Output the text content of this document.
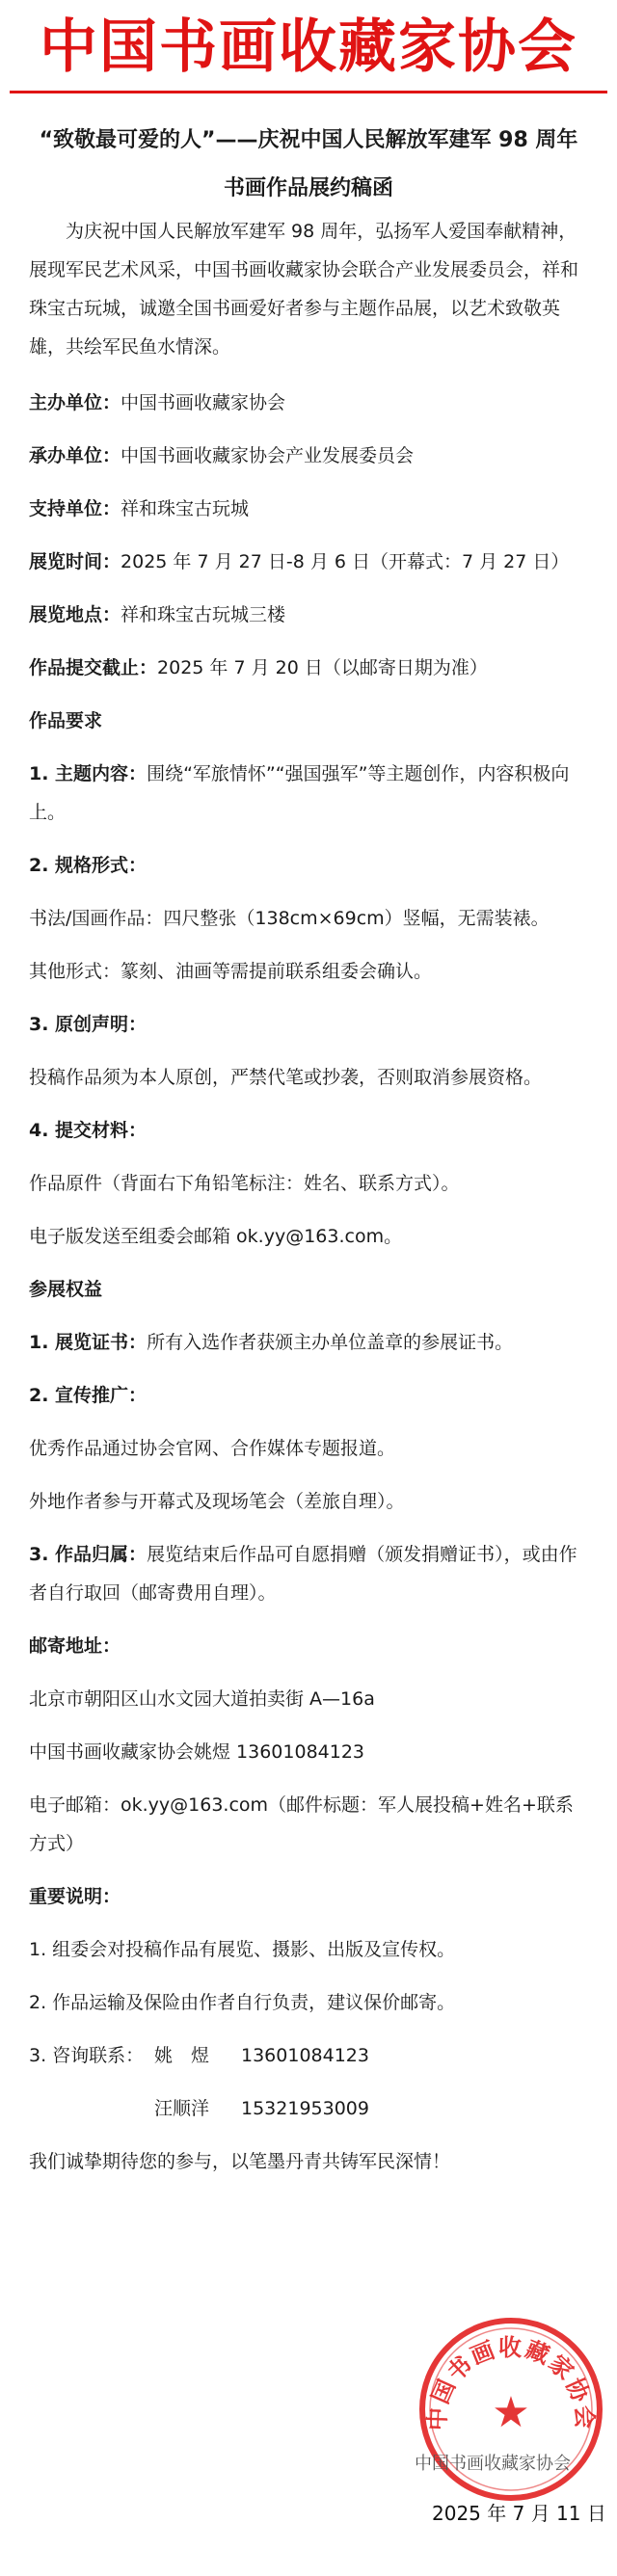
中国书画收藏家协会
“致敬最可爱的人”——庆祝中国人民解放军建军 98 周年
书画作品展约稿函

为庆祝中国人民解放军建军 98 周年，弘扬军人爱国奉献精神，展现军民艺术风采，中国书画收藏家协会联合产业发展委员会，祥和珠宝古玩城，诚邀全国书画爱好者参与主题作品展，以艺术致敬英雄，共绘军民鱼水情深。

主办单位：中国书画收藏家协会

承办单位：中国书画收藏家协会产业发展委员会

支持单位：祥和珠宝古玩城

展览时间：2025 年 7 月 27 日-8 月 6 日（开幕式：7 月 27 日）

展览地点：祥和珠宝古玩城三楼

作品提交截止：2025 年 7 月 20 日（以邮寄日期为准）

作品要求

1. 主题内容：围绕“军旅情怀”“强国强军”等主题创作，内容积极向上。

2. 规格形式：

书法/国画作品：四尺整张（138cm×69cm）竖幅，无需装裱。

其他形式：篆刻、油画等需提前联系组委会确认。

3. 原创声明：

投稿作品须为本人原创，严禁代笔或抄袭，否则取消参展资格。

4. 提交材料：

作品原件（背面右下角铅笔标注：姓名、联系方式）。

电子版发送至组委会邮箱 ok.yy@163.com。

参展权益

1. 展览证书：所有入选作者获颁主办单位盖章的参展证书。

2. 宣传推广：

优秀作品通过协会官网、合作媒体专题报道。

外地作者参与开幕式及现场笔会（差旅自理）。

3. 作品归属：展览结束后作品可自愿捐赠（颁发捐赠证书），或由作者自行取回（邮寄费用自理）。

邮寄地址：

北京市朝阳区山水文园大道拍卖街 A—16a

中国书画收藏家协会姚煜 13601084123

电子邮箱：ok.yy@163.com（邮件标题：军人展投稿+姓名+联系方式）

重要说明：

1. 组委会对投稿作品有展览、摄影、出版及宣传权。

2. 作品运输及保险由作者自行负责，建议保价邮寄。

3. 咨询联系： 姚　煜	13601084123

汪顺洋	15321953009

我们诚挚期待您的参与，以笔墨丹青共铸军民深情！

中国书画收藏家协会
★
中国书画收藏家协会
2025 年 7 月 11 日
